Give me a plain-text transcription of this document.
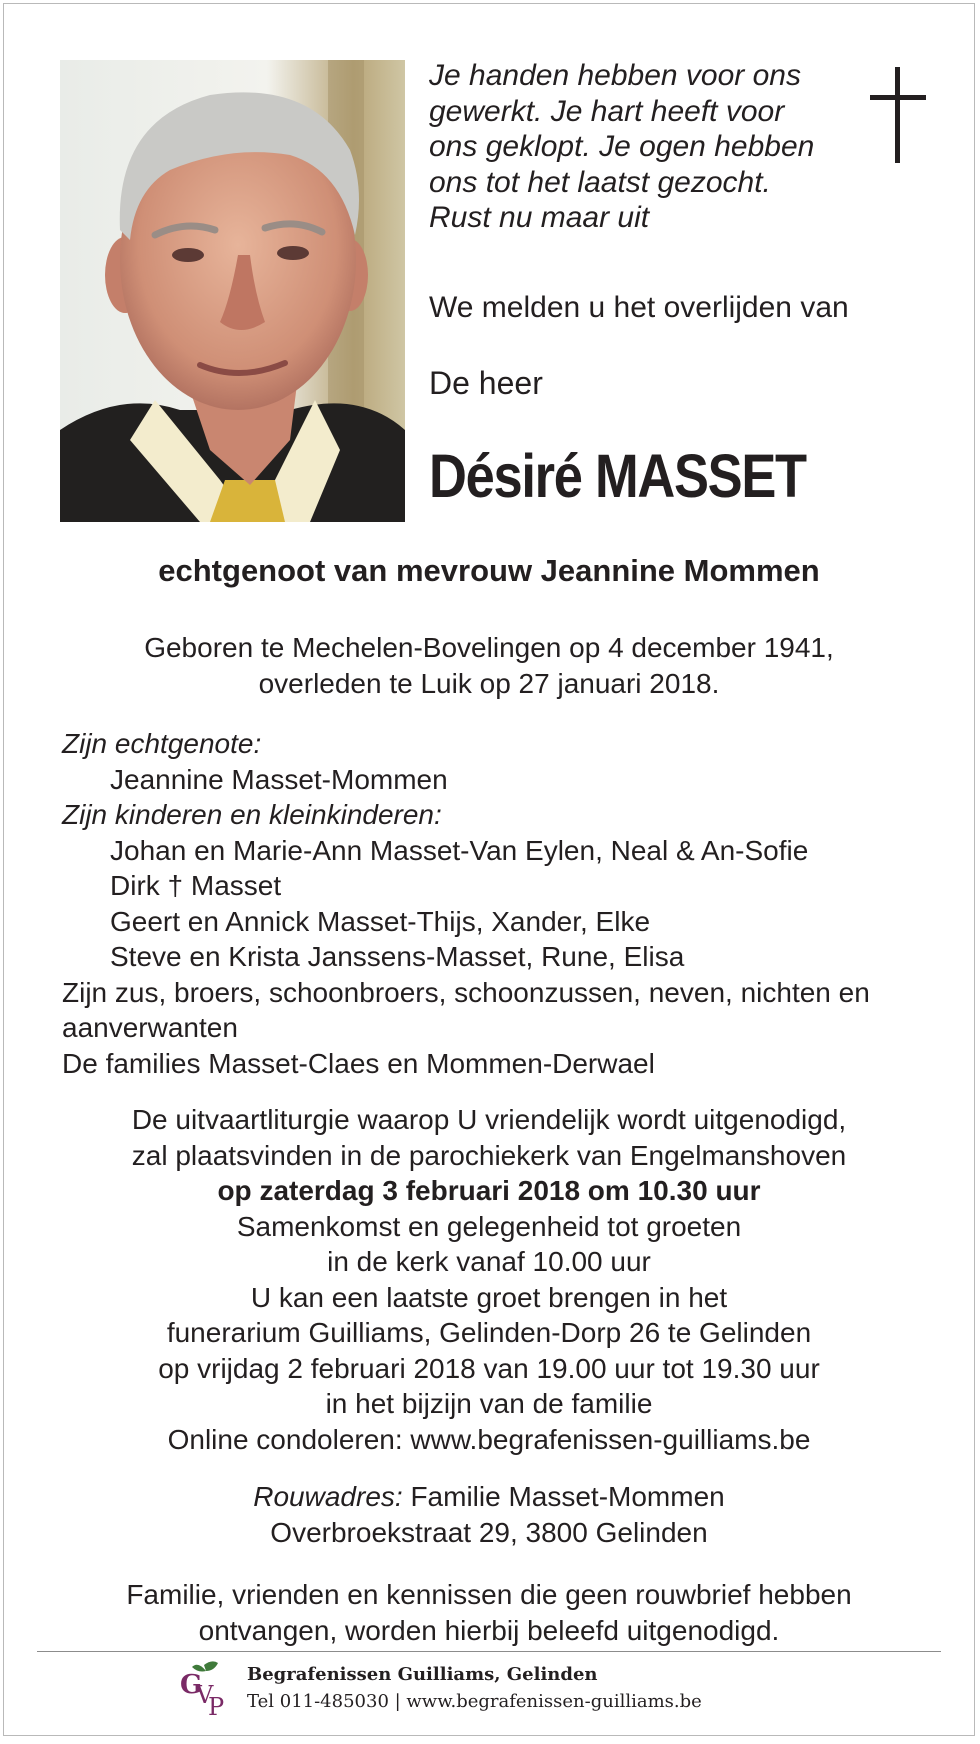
Je handen hebben voor ons
gewerkt. Je hart heeft voor
ons geklopt. Je ogen hebben
ons tot het laatst gezocht.
Rust nu maar uit

We melden u het overlijden van

De heer

Désiré MASSET

echtgenoot van mevrouw Jeannine Mommen

Geboren te Mechelen-Bovelingen op 4 december 1941,
overleden te Luik op 27 januari 2018.
Zijn echtgenote:
Jeannine Masset-Mommen
Zijn kinderen en kleinkinderen:
Johan en Marie-Ann Masset-Van Eylen, Neal & An-Sofie
Dirk † Masset
Geert en Annick Masset-Thijs, Xander, Elke
Steve en Krista Janssens-Masset, Rune, Elisa
Zijn zus, broers, schoonbroers, schoonzussen, neven, nichten en aanverwanten
De families Masset-Claes en Mommen-Derwael
De uitvaartliturgie waarop U vriendelijk wordt uitgenodigd,
zal plaatsvinden in de parochiekerk van Engelmanshoven
op zaterdag 3 februari 2018 om 10.30 uur
Samenkomst en gelegenheid tot groeten
in de kerk vanaf 10.00 uur
U kan een laatste groet brengen in het
funerarium Guilliams, Gelinden-Dorp 26 te Gelinden
op vrijdag 2 februari 2018 van 19.00 uur tot 19.30 uur
in het bijzijn van de familie
Online condoleren: www.begrafenissen-guilliams.be
Rouwadres: Familie Masset-Mommen
Overbroekstraat 29, 3800 Gelinden
Familie, vrienden en kennissen die geen rouwbrief hebben
ontvangen, worden hierbij beleefd uitgenodigd.
G
V
P

Begrafenissen Guilliams, Gelinden

Tel 011-485030 | www.begrafenissen-guilliams.be
